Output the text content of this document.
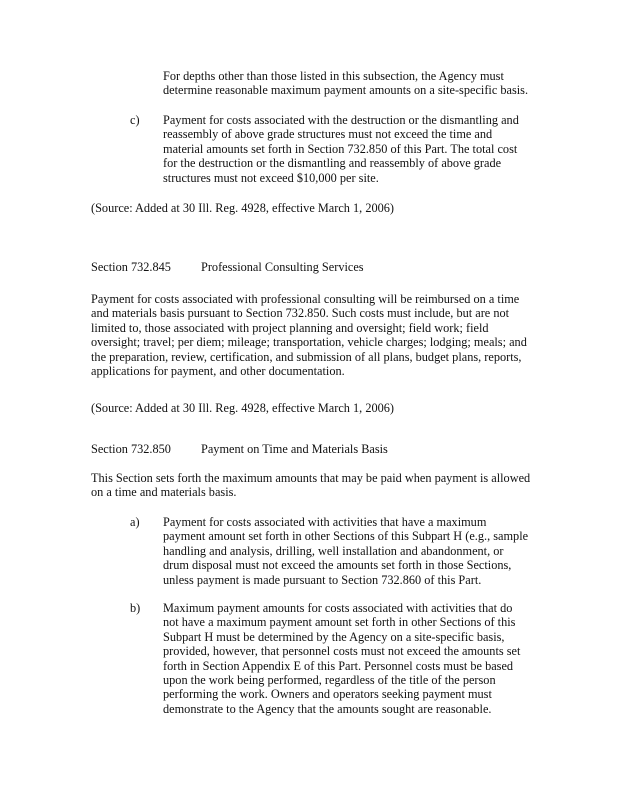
For depths other than those listed in this subsection, the Agency must determine reasonable maximum payment amounts on a site-specific basis.

c) Payment for costs associated with the destruction or the dismantling and reassembly of above grade structures must not exceed the time and material amounts set forth in Section 732.850 of this Part. The total cost for the destruction or the dismantling and reassembly of above grade structures must not exceed $10,000 per site.

(Source: Added at 30 Ill. Reg. 4928, effective March 1, 2006)

Section 732.845 Professional Consulting Services

Payment for costs associated with professional consulting will be reimbursed on a time and materials basis pursuant to Section 732.850. Such costs must include, but are not limited to, those associated with project planning and oversight; field work; field oversight; travel; per diem; mileage; transportation, vehicle charges; lodging; meals; and the preparation, review, certification, and submission of all plans, budget plans, reports, applications for payment, and other documentation.

(Source: Added at 30 Ill. Reg. 4928, effective March 1, 2006)

Section 732.850 Payment on Time and Materials Basis

This Section sets forth the maximum amounts that may be paid when payment is allowed on a time and materials basis.

a) Payment for costs associated with activities that have a maximum payment amount set forth in other Sections of this Subpart H (e.g., sample handling and analysis, drilling, well installation and abandonment, or drum disposal must not exceed the amounts set forth in those Sections, unless payment is made pursuant to Section 732.860 of this Part.

b) Maximum payment amounts for costs associated with activities that do not have a maximum payment amount set forth in other Sections of this Subpart H must be determined by the Agency on a site-specific basis, provided, however, that personnel costs must not exceed the amounts set forth in Section Appendix E of this Part. Personnel costs must be based upon the work being performed, regardless of the title of the person performing the work. Owners and operators seeking payment must demonstrate to the Agency that the amounts sought are reasonable.
